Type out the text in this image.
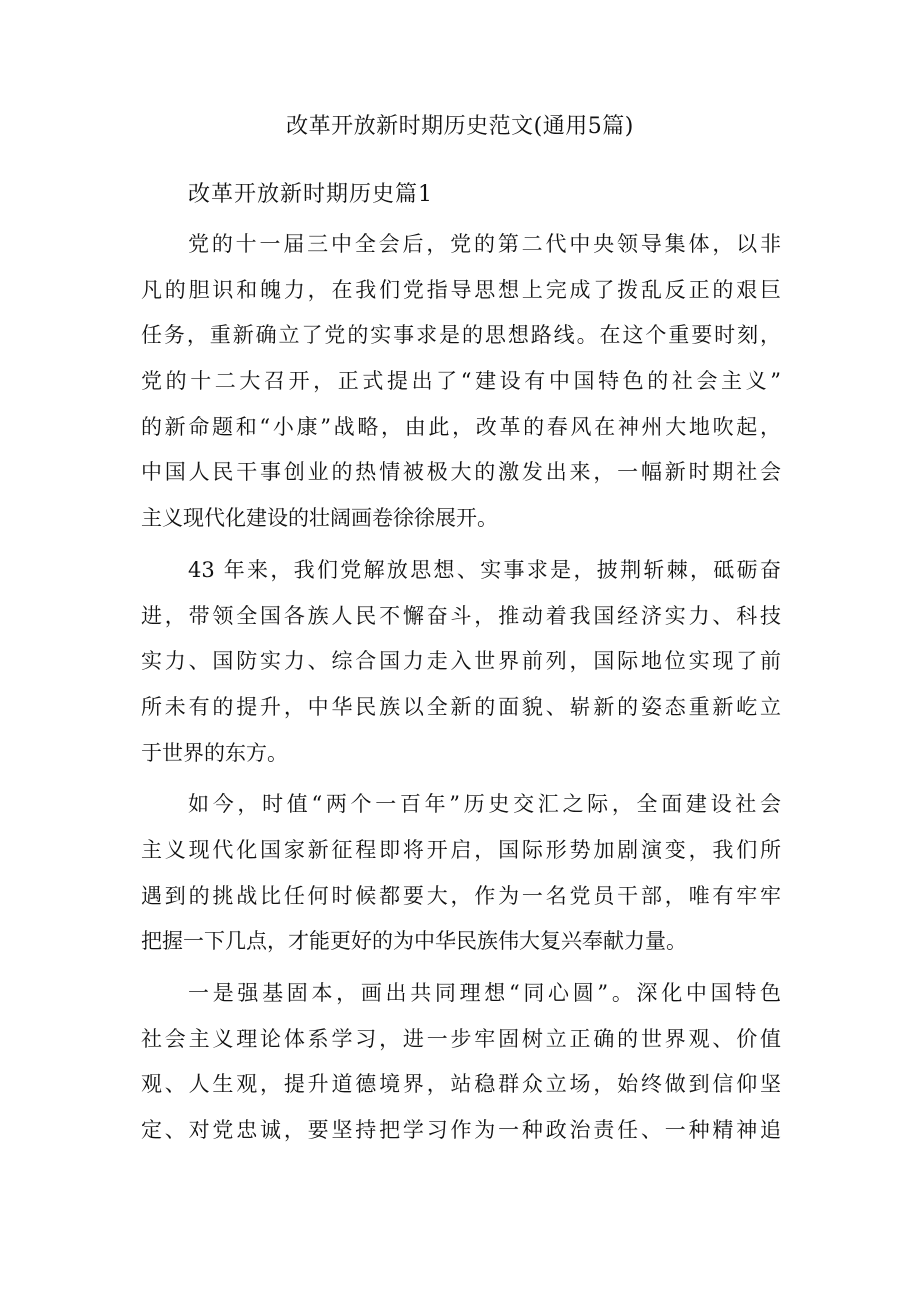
改革开放新时期历史范文(通用5篇)
改革开放新时期历史篇1
党的十一届三中全会后，党的第二代中央领导集体，以非
凡的胆识和魄力，在我们党指导思想上完成了拨乱反正的艰巨
任务，重新确立了党的实事求是的思想路线。在这个重要时刻，
党的十二大召开，正式提出了“建设有中国特色的社会主义”
的新命题和“小康”战略，由此，改革的春风在神州大地吹起，
中国人民干事创业的热情被极大的激发出来，一幅新时期社会
主义现代化建设的壮阔画卷徐徐展开。
43 年来，我们党解放思想、实事求是，披荆斩棘，砥砺奋
进，带领全国各族人民不懈奋斗，推动着我国经济实力、科技
实力、国防实力、综合国力走入世界前列，国际地位实现了前
所未有的提升，中华民族以全新的面貌、崭新的姿态重新屹立
于世界的东方。
如今，时值“两个一百年”历史交汇之际，全面建设社会
主义现代化国家新征程即将开启，国际形势加剧演变，我们所
遇到的挑战比任何时候都要大，作为一名党员干部，唯有牢牢
把握一下几点，才能更好的为中华民族伟大复兴奉献力量。
一是强基固本，画出共同理想“同心圆”。深化中国特色
社会主义理论体系学习，进一步牢固树立正确的世界观、价值
观、人生观，提升道德境界，站稳群众立场，始终做到信仰坚
定、对党忠诚，要坚持把学习作为一种政治责任、一种精神追
